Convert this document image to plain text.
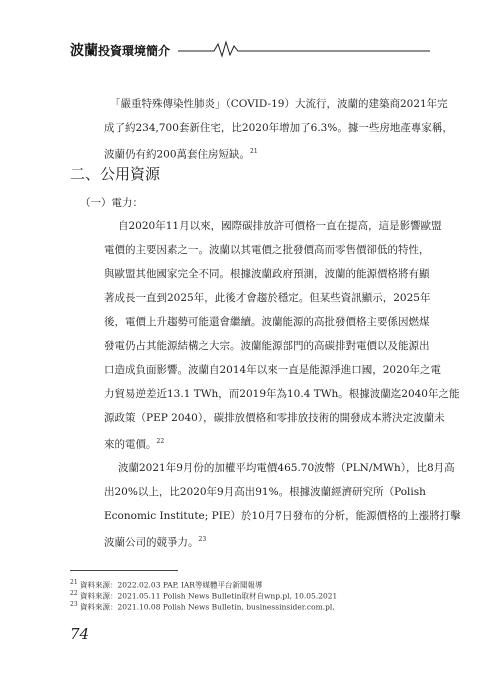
波蘭投資環境簡介
「嚴重特殊傳染性肺炎」（COVID-19）大流行，波蘭的建築商2021年完
成了約234,700套新住宅，比2020年增加了6.3%。據一些房地產專家稱，
波蘭仍有約200萬套住房短缺。$^{21}$
二、公用資源
（一）電力：
自2020年11月以來，國際碳排放許可價格一直在提高，這是影響歐盟
電價的主要因素之一。波蘭以其電價之批發價高而零售價卻低的特性，
與歐盟其他國家完全不同。根據波蘭政府預測，波蘭的能源價格將有顯
著成長一直到2025年，此後才會趨於穩定。但某些資訊顯示，2025年
後，電價上升趨勢可能還會繼續。波蘭能源的高批發價格主要係因燃煤
發電仍占其能源結構之大宗。波蘭能源部門的高碳排對電價以及能源出
口造成負面影響。波蘭自2014年以來一直是能源淨進口國，2020年之電
力貿易逆差近13.1 TWh，而2019年為10.4 TWh。根據波蘭迄2040年之能
源政策（PEP 2040），碳排放價格和零排放技術的開發成本將決定波蘭未
來的電價。$^{22}$
波蘭2021年9月份的加權平均電價465.70波幣（PLN/MWh），比8月高
出20%以上，比2020年9月高出91%。根據波蘭經濟研究所（Polish
Economic Institute; PIE）於10月7日發布的分析，能源價格的上漲將打擊
波蘭公司的競爭力。$^{23}$
$^{21}$ 資料來源：2022.02.03 PAP, IAR等媒體平台新聞報導
$^{22}$ 資料來源：2021.05.11 Polish News Bulletin取材自wnp.pl, 10.05.2021
$^{23}$ 資料來源：2021.10.08 Polish News Bulletin, businessinsider.com.pl,
74
